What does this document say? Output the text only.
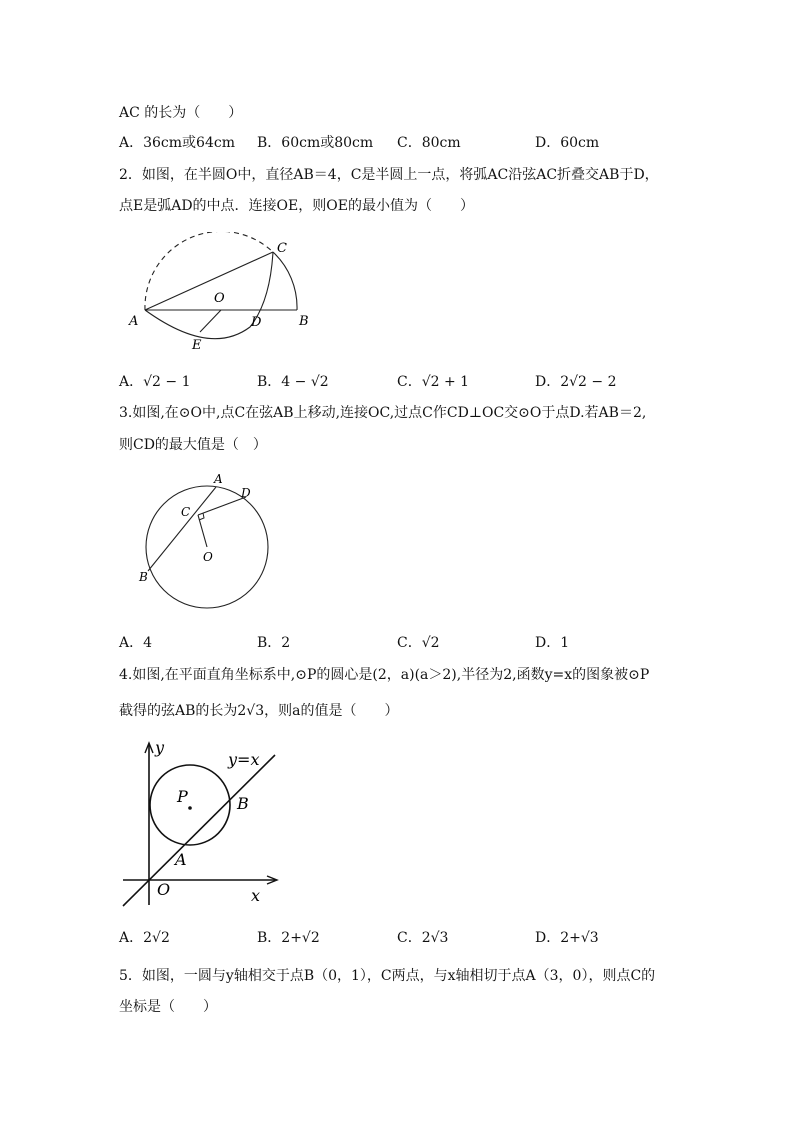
AC 的长为（　　）
A．36cm或64cm B．60cm或80cm C．80cm	D．60cm
2．如图，在半圆O中，直径AB＝4，C是半圆上一点，将弧AC沿弦AC折叠交AB于D，
点E是弧AD的中点．连接OE，则OE的最小值为（　　）
C
O
A	D	B
E
A．√2 − 1	B．4 − √2	C．√2 + 1	D．2√2 − 2
3.如图,在⊙O中,点C在弦AB上移动,连接OC,过点C作CD⊥OC交⊙O于点D.若AB＝2,
则CD的最大值是（　）
A
D
C
O
B
A．4	B．2	C．√2	D．1
4.如图,在平面直角坐标系中,⊙P的圆心是(2，a)(a＞2),半径为2,函数y=x的图象被⊙P
截得的弦AB的长为2√3，则a的值是（　　）
y
y=x
P	B
A
O	x
A．2√2	B．2+√2	C．2√3	D．2+√3
5．如图，一圆与y轴相交于点B（0，1），C两点，与x轴相切于点A（3，0），则点C的
坐标是（　　）
